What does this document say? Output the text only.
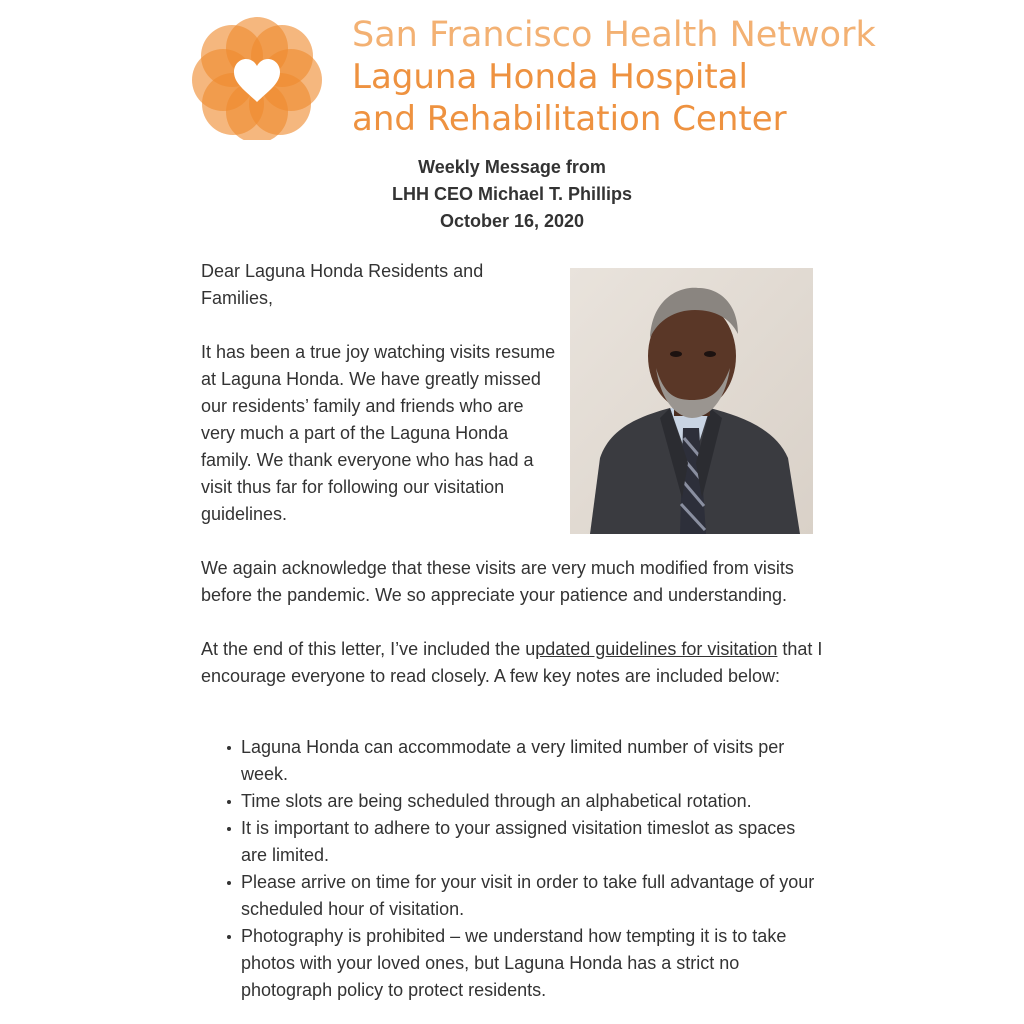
San Francisco Health Network
Laguna Honda Hospital
and Rehabilitation Center
Weekly Message from
LHH CEO Michael T. Phillips
October 16, 2020

Dear Laguna Honda Residents and Families,

It has been a true joy watching visits resume at Laguna Honda. We have greatly missed our residents’ family and friends who are very much a part of the Laguna Honda family. We thank everyone who has had a visit thus far for following our visitation guidelines.

We again acknowledge that these visits are very much modified from visits before the pandemic. We so appreciate your patience and understanding.

At the end of this letter, I’ve included the updated guidelines for visitation that I encourage everyone to read closely. A few key notes are included below:

Laguna Honda can accommodate a very limited number of visits per week.
Time slots are being scheduled through an alphabetical rotation.
It is important to adhere to your assigned visitation timeslot as spaces are limited.
Please arrive on time for your visit in order to take full advantage of your scheduled hour of visitation.
Photography is prohibited – we understand how tempting it is to take photos with your loved ones, but Laguna Honda has a strict no photograph policy to protect residents.
